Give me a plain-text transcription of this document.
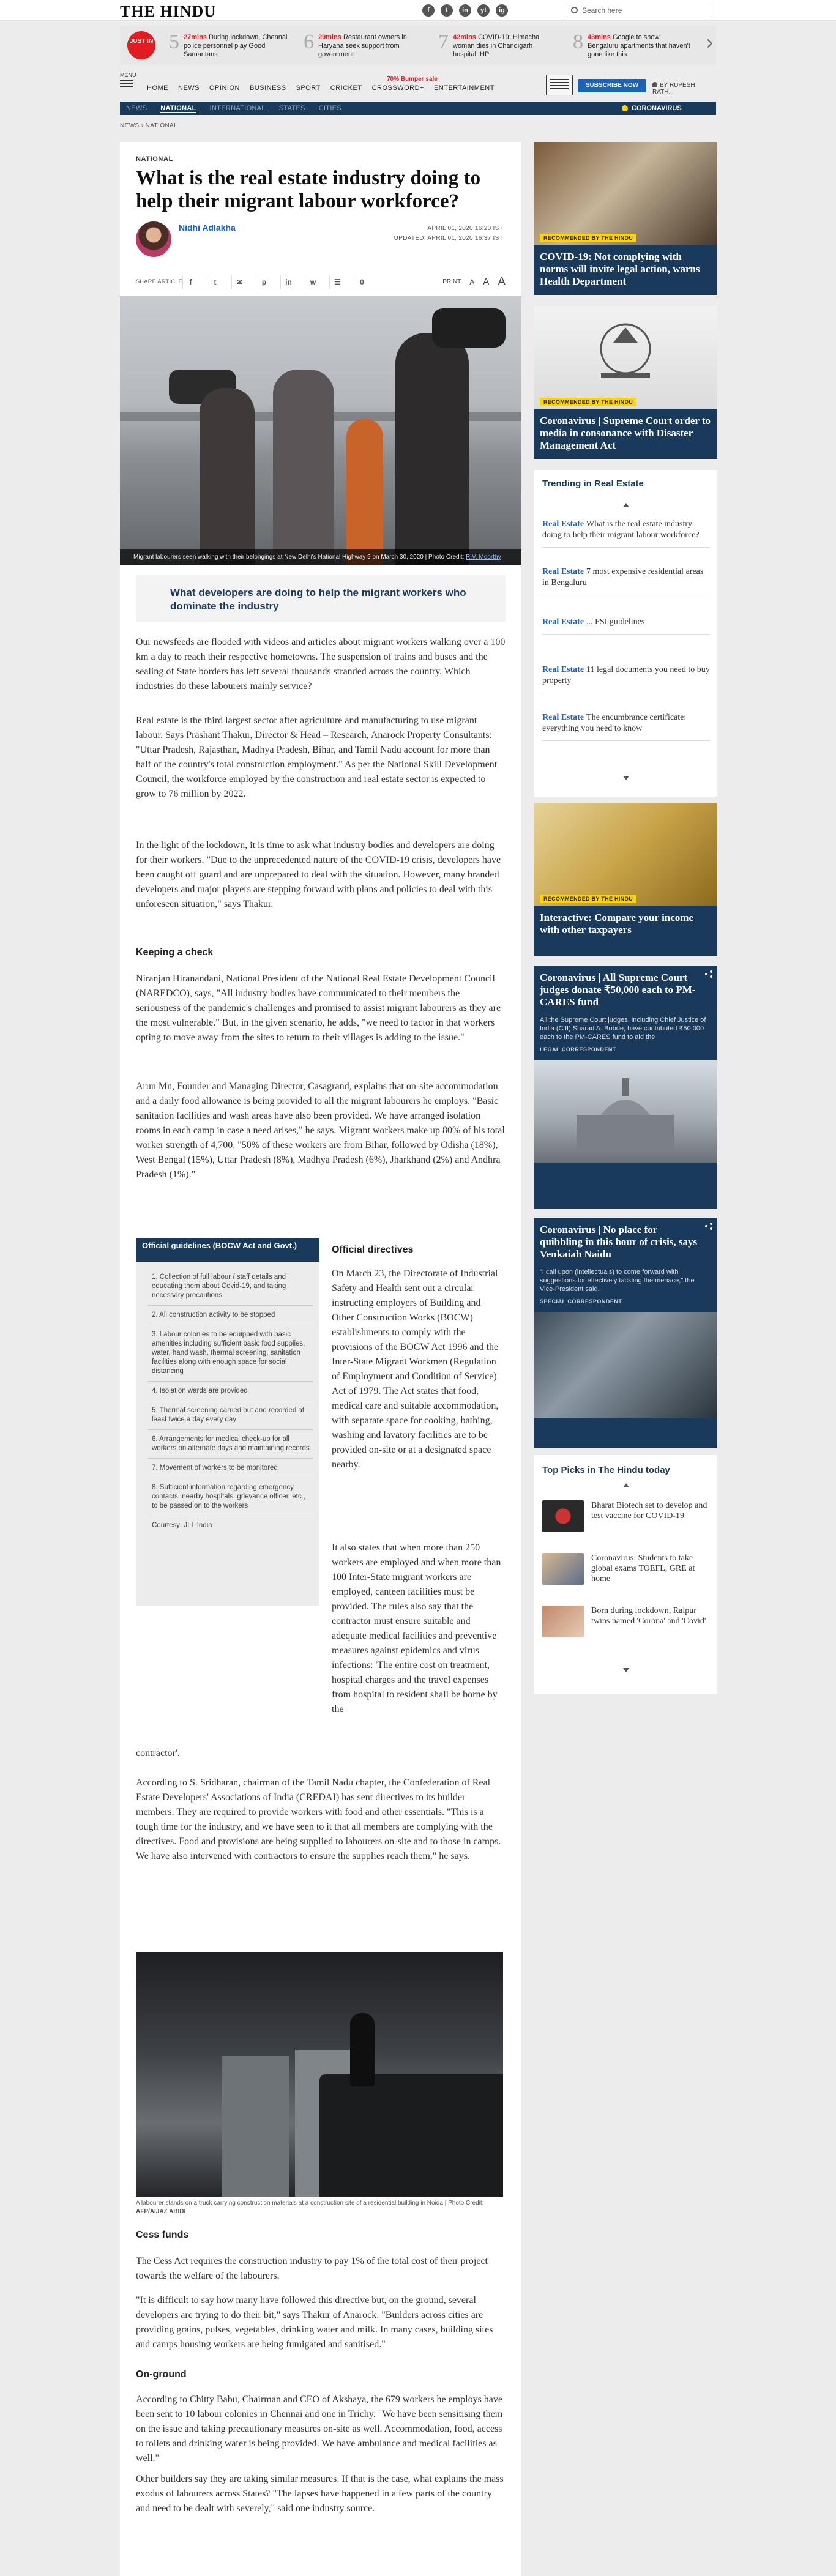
THE HINDU	f	t	in	yt	ig	Search here
JUST IN 5 27mins During lockdown, Chennai police personnel play Good Samaritans
6 29mins Restaurant owners in Haryana seek support from government
7 42mins COVID-19: Himachal woman dies in Chandigarh hospital, HP
8 43mins Google to show Bengaluru apartments that haven't gone like this
MENU
HOME NEWS OPINION BUSINESS SPORT CRICKET CROSSWORD+ ENTERTAINMENT
70% Bumper sale
SUBSCRIBE NOW	BY RUPESH RATH...
NEWS NATIONAL INTERNATIONAL STATES CITIES	CORONAVIRUS
NEWS › NATIONAL
NATIONAL
What is the real estate industry doing to help their migrant labour workforce?
Nidhi Adlakha	APRIL 01, 2020 16:20 IST
UPDATED: APRIL 01, 2020 16:37 IST
SHARE ARTICLE f	t	✉	p	in	w	☰	0	PRINT A A A
Migrant labourers seen walking with their belongings at New Delhi's National Highway 9 on March 30, 2020 | Photo Credit: R.V. Moorthy
What developers are doing to help the migrant workers who dominate the industry

Our newsfeeds are flooded with videos and articles about migrant workers walking over a 100 km a day to reach their respective hometowns. The suspension of trains and buses and the sealing of State borders has left several thousands stranded across the country. Which industries do these labourers mainly service?

Real estate is the third largest sector after agriculture and manufacturing to use migrant labour. Says Prashant Thakur, Director & Head – Research, Anarock Property Consultants: "Uttar Pradesh, Rajasthan, Madhya Pradesh, Bihar, and Tamil Nadu account for more than half of the country's total construction employment." As per the National Skill Development Council, the workforce employed by the construction and real estate sector is expected to grow to 76 million by 2022.

In the light of the lockdown, it is time to ask what industry bodies and developers are doing for their workers. "Due to the unprecedented nature of the COVID-19 crisis, developers have been caught off guard and are unprepared to deal with the situation. However, many branded developers and major players are stepping forward with plans and policies to deal with this unforeseen situation," says Thakur.

Keeping a check

Niranjan Hiranandani, National President of the National Real Estate Development Council (NAREDCO), says, "All industry bodies have communicated to their members the seriousness of the pandemic's challenges and promised to assist migrant labourers as they are the most vulnerable." But, in the given scenario, he adds, "we need to factor in that workers opting to move away from the sites to return to their villages is adding to the issue."

Arun Mn, Founder and Managing Director, Casagrand, explains that on-site accommodation and a daily food allowance is being provided to all the migrant labourers he employs. "Basic sanitation facilities and wash areas have also been provided. We have arranged isolation rooms in each camp in case a need arises," he says. Migrant workers make up 80% of his total worker strength of 4,700. "50% of these workers are from Bihar, followed by Odisha (18%), West Bengal (15%), Uttar Pradesh (8%), Madhya Pradesh (6%), Jharkhand (2%) and Andhra Pradesh (1%)."

Official guidelines (BOCW Act and Govt.)
1. Collection of full labour / staff details and educating them about Covid-19, and taking necessary precautions
2. All construction activity to be stopped
3. Labour colonies to be equipped with basic amenities including sufficient basic food supplies, water, hand wash, thermal screening, sanitation facilities along with enough space for social distancing
4. Isolation wards are provided
5. Thermal screening carried out and recorded at least twice a day every day
6. Arrangements for medical check-up for all workers on alternate days and maintaining records
7. Movement of workers to be monitored
8. Sufficient information regarding emergency contacts, nearby hospitals, grievance officer, etc., to be passed on to the workers
Courtesy: JLL India
Official directives

On March 23, the Directorate of Industrial Safety and Health sent out a circular instructing employers of Building and Other Construction Works (BOCW) establishments to comply with the provisions of the BOCW Act 1996 and the Inter-State Migrant Workmen (Regulation of Employment and Condition of Service) Act of 1979. The Act states that food, medical care and suitable accommodation, with separate space for cooking, bathing, washing and lavatory facilities are to be provided on-site or at a designated space nearby.

It also states that when more than 250 workers are employed and when more than 100 Inter-State migrant workers are employed, canteen facilities must be provided. The rules also say that the contractor must ensure suitable and adequate medical facilities and preventive measures against epidemics and virus infections: 'The entire cost on treatment, hospital charges and the travel expenses from hospital to resident shall be borne by the

contractor'.

According to S. Sridharan, chairman of the Tamil Nadu chapter, the Confederation of Real Estate Developers' Associations of India (CREDAI) has sent directives to its builder members. They are required to provide workers with food and other essentials. "This is a tough time for the industry, and we have seen to it that all members are complying with the directives. Food and provisions are being supplied to labourers on-site and to those in camps. We have also intervened with contractors to ensure the supplies reach them," he says.

A labourer stands on a truck carrying construction materials at a construction site of a residential building in Noida | Photo Credit: AFP/AIJAZ ABIDI
Cess funds

The Cess Act requires the construction industry to pay 1% of the total cost of their project towards the welfare of the labourers.

"It is difficult to say how many have followed this directive but, on the ground, several developers are trying to do their bit," says Thakur of Anarock. "Builders across cities are providing grains, pulses, vegetables, drinking water and milk. In many cases, building sites and camps housing workers are being fumigated and sanitised."

On-ground

According to Chitty Babu, Chairman and CEO of Akshaya, the 679 workers he employs have been sent to 10 labour colonies in Chennai and one in Trichy. "We have been sensitising them on the issue and taking precautionary measures on-site as well. Accommodation, food, access to toilets and drinking water is being provided. We have ambulance and medical facilities as well."

Other builders say they are taking similar measures. If that is the case, what explains the mass exodus of labourers across States? "The lapses have happened in a few parts of the country and need to be dealt with severely," said one industry source.

RECOMMENDED BY THE HINDU
COVID-19: Not complying with norms will invite legal action, warns Health Department
RECOMMENDED BY THE HINDU
Coronavirus | Supreme Court order to media in consonance with Disaster Management Act
Trending in Real Estate
Real Estate What is the real estate industry doing to help their migrant labour workforce?
Real Estate 7 most expensive residential areas in Bengaluru
Real Estate ... FSI guidelines
Real Estate 11 legal documents you need to buy property
Real Estate The encumbrance certificate: everything you need to know
RECOMMENDED BY THE HINDU
Interactive: Compare your income with other taxpayers
Coronavirus | All Supreme Court judges donate ₹50,000 each to PM-CARES fund
All the Supreme Court judges, including Chief Justice of India (CJI) Sharad A. Bobde, have contributed ₹50,000 each to the PM-CARES fund to aid the
LEGAL CORRESPONDENT
Coronavirus | No place for quibbling in this hour of crisis, says Venkaiah Naidu
"I call upon (intellectuals) to come forward with suggestions for effectively tackling the menace," the Vice-President said.
SPECIAL CORRESPONDENT
Top Picks in The Hindu today
Bharat Biotech set to develop and test vaccine for COVID-19
Coronavirus: Students to take global exams TOEFL, GRE at home
Born during lockdown, Raipur twins named 'Corona' and 'Covid'
